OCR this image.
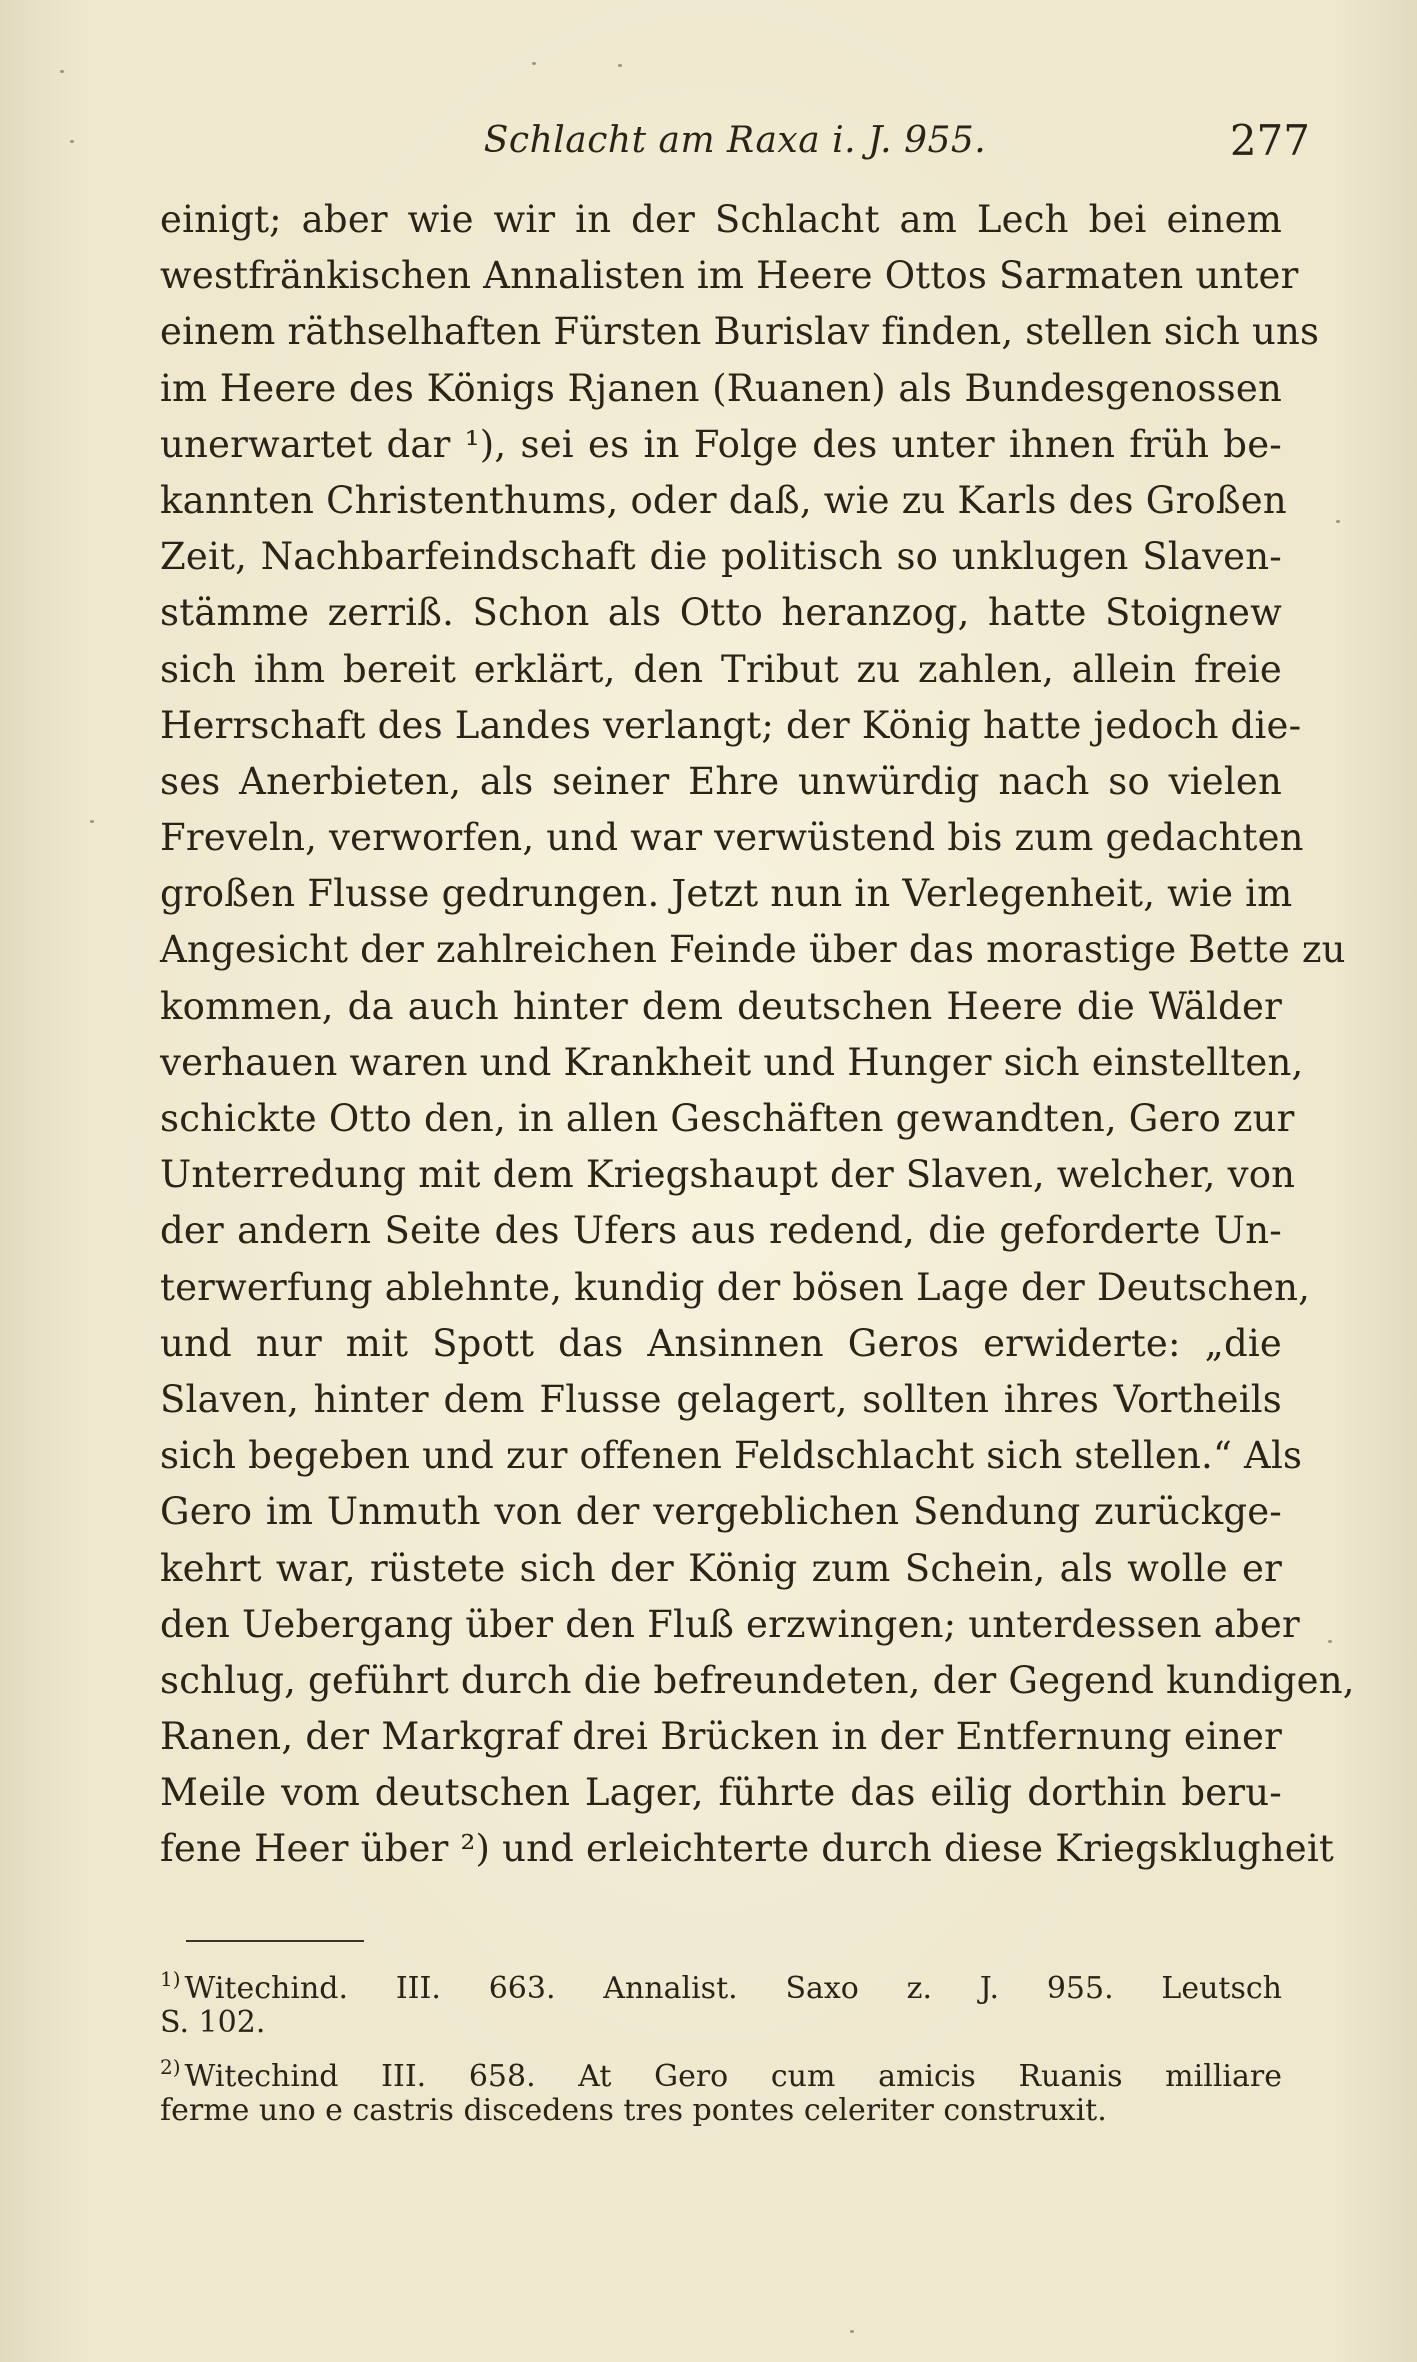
Schlacht am Raxa i. J. 955.	277
einigt; aber wie wir in der Schlacht am Lech bei einem
westfränkischen Annalisten im Heere Ottos Sarmaten unter
einem räthselhaften Fürsten Burislav finden, stellen sich uns
im Heere des Königs Rjanen (Ruanen) als Bundesgenossen
unerwartet dar ¹), sei es in Folge des unter ihnen früh be-
kannten Christenthums, oder daß, wie zu Karls des Großen
Zeit, Nachbarfeindschaft die politisch so unklugen Slaven-
stämme zerriß. Schon als Otto heranzog, hatte Stoignew
sich ihm bereit erklärt, den Tribut zu zahlen, allein freie
Herrschaft des Landes verlangt; der König hatte jedoch die-
ses Anerbieten, als seiner Ehre unwürdig nach so vielen
Freveln, verworfen, und war verwüstend bis zum gedachten
großen Flusse gedrungen. Jetzt nun in Verlegenheit, wie im
Angesicht der zahlreichen Feinde über das morastige Bette zu
kommen, da auch hinter dem deutschen Heere die Wälder
verhauen waren und Krankheit und Hunger sich einstellten,
schickte Otto den, in allen Geschäften gewandten, Gero zur
Unterredung mit dem Kriegshaupt der Slaven, welcher, von
der andern Seite des Ufers aus redend, die geforderte Un-
terwerfung ablehnte, kundig der bösen Lage der Deutschen,
und nur mit Spott das Ansinnen Geros erwiderte: „die
Slaven, hinter dem Flusse gelagert, sollten ihres Vortheils
sich begeben und zur offenen Feldschlacht sich stellen.“ Als
Gero im Unmuth von der vergeblichen Sendung zurückge-
kehrt war, rüstete sich der König zum Schein, als wolle er
den Uebergang über den Fluß erzwingen; unterdessen aber
schlug, geführt durch die befreundeten, der Gegend kundigen,
Ranen, der Markgraf drei Brücken in der Entfernung einer
Meile vom deutschen Lager, führte das eilig dorthin beru-
fene Heer über ²) und erleichterte durch diese Kriegsklugheit
$^{1)}$ Witechind. III. 663. Annalist. Saxo z. J. 955. Leutsch
S. 102.
$^{2)}$ Witechind III. 658. At Gero cum amicis Ruanis milliare
ferme uno e castris discedens tres pontes celeriter construxit.
